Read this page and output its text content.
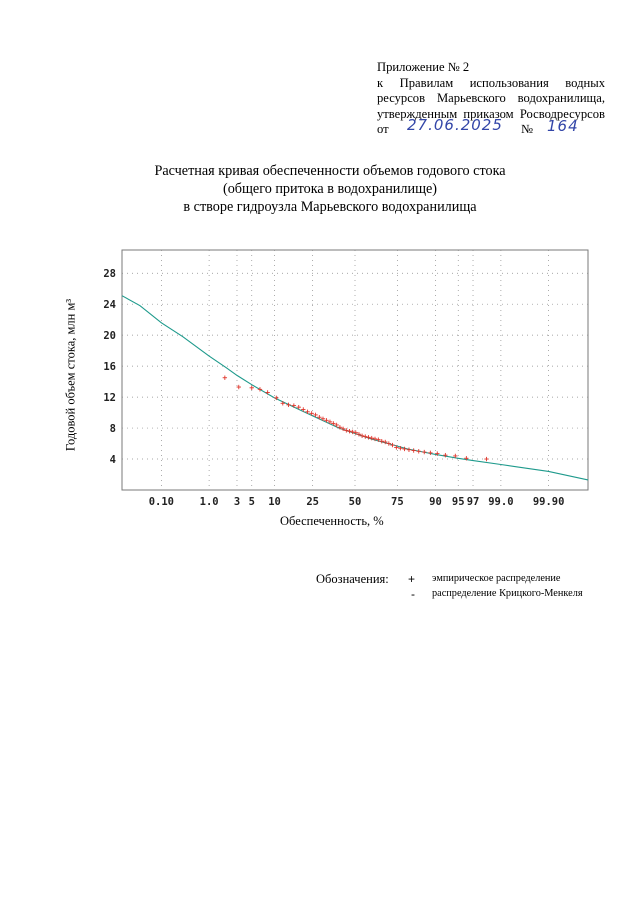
Приложение № 2
к Правилам использования водных
ресурсов Марьевского водохранилища,
утвержденным приказом Росводресурсов
от 27.06.2025 № 164
Расчетная кривая обеспеченности объемов годового стока
(общего притока в водохранилище)
в створе гидроузла Марьевского водохранилища
0.10 1.0 3 5 10 25	50	75 90 95 97 99.0 99.90
4
8
12
16
20
24
28
Годовой объем стока, млн м³
Обеспеченность, %
Обозначения: + эмпирическое распределение
- распределение Крицкого-Менкеля
